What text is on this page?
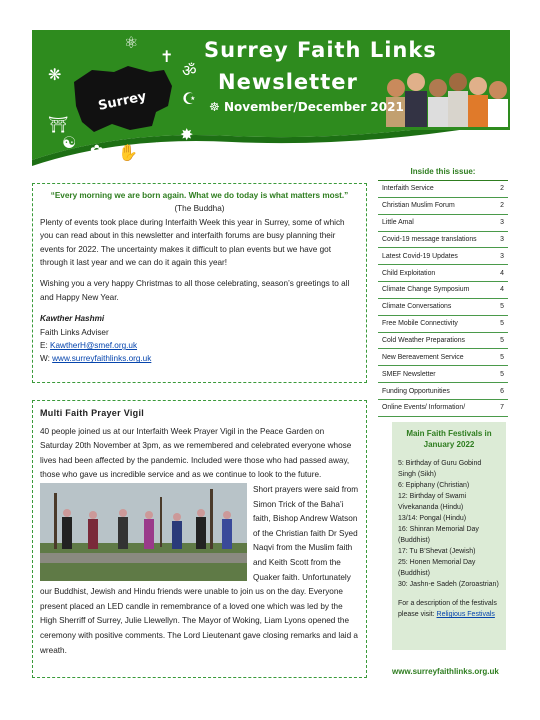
Surrey
Surrey Faith Links
Newsletter
☸ November/December 2021
⚛
✝
❋	ॐ
⛩
☪
☯ ✿ ✋ ✡
✸

“Every morning we are born again. What we do today is what matters most.”

(The Buddha)

Plenty of events took place during Interfaith Week this year in Surrey, some of which you can read about in this newsletter and interfaith forums are busy planning their events for 2022. The uncertainty makes it difficult to plan events but we have got through it last year and we can do it again this year!

Wishing you a very happy Christmas to all those celebrating, season’s greetings to all and Happy New Year.

Kawther Hashmi

Faith Links Adviser

E: KawtherH@smef.org.uk

W: www.surreyfaithlinks.org.uk

Multi Faith Prayer Vigil

40 people joined us at our Interfaith Week Prayer Vigil in the Peace Garden on Saturday 20th November at 3pm, as we remembered and celebrated everyone whose lives had been affected by the pandemic. Included were those who had passed away, those who gave us incredible service and as we continue to look to the future.

Short prayers were said from Simon Trick of the Baha’i faith, Bishop Andrew Watson of the Christian faith Dr Syed Naqvi from the Muslim faith and Keith Scott from the Quaker faith. Unfortunately our Buddhist, Jewish and Hindu friends were unable to join us on the day. Everyone present placed an LED candle in remembrance of a loved one which was led by the High Sherriff of Surrey, Julie Llewellyn. The Mayor of Woking, Liam Lyons opened the ceremony with positive comments. The Lord Lieutenant gave closing remarks and laid a wreath.

Inside this issue:
Interfaith Service	2
Christian Muslim Forum	2
Little Amal	3
Covid-19 message translations	3
Latest Covid-19 Updates	3
Child Exploitation	4
Climate Change Symposium	4
Climate Conversations	5
Free Mobile Connectivity	5
Cold Weather Preparations	5
New Bereavement Service	5
SMEF Newsletter	5
Funding Opportunities	6
Online Events/ Information/	7
Main Faith Festivals in January 2022

5: Birthday of Guru Gobind Singh (Sikh)

6: Epiphany (Christian)

12: Birthday of Swami Vivekananda (Hindu)

13/14: Pongal (Hindu)

16: Shinran Memorial Day (Buddhist)

17: Tu B’Shevat (Jewish)

25: Honen Memorial Day (Buddhist)

30: Jashn-e Sadeh (Zoroastrian)

For a description of the festivals please visit: Religious Festivals

www.surreyfaithlinks.org.uk
